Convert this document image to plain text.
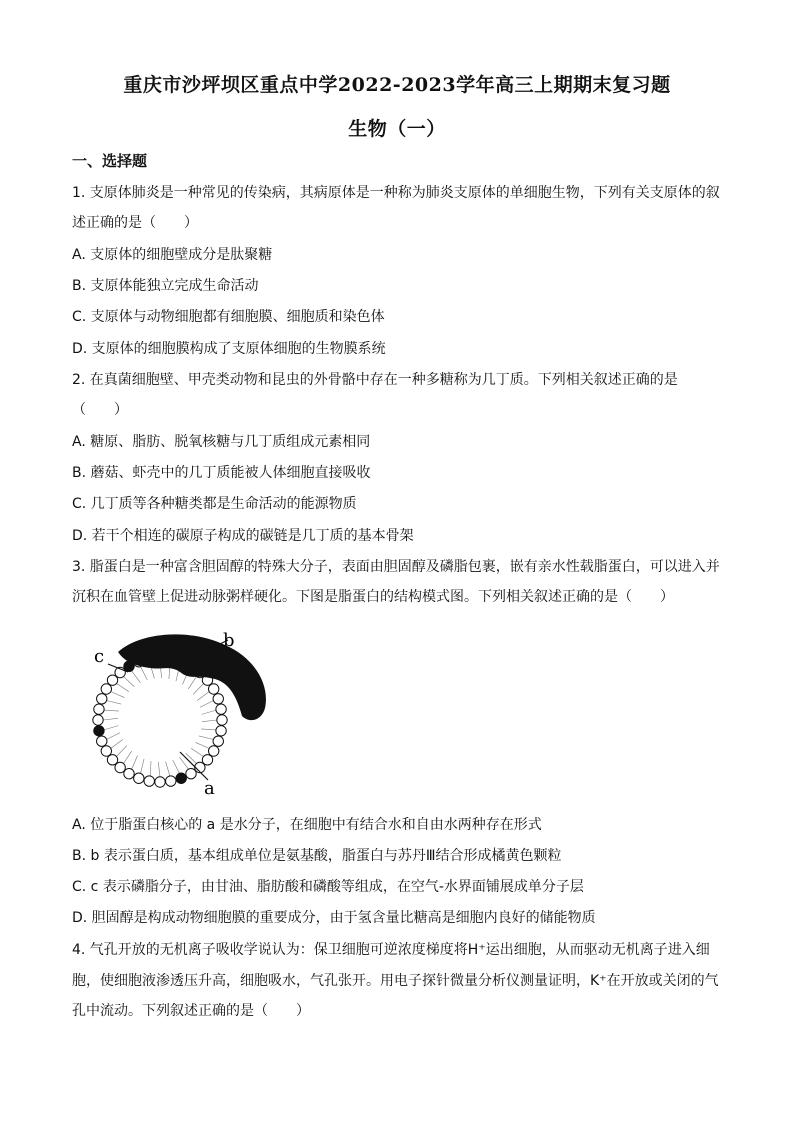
重庆市沙坪坝区重点中学2022-2023学年高三上期期末复习题
生物（一）
一、选择题
1. 支原体肺炎是一种常见的传染病，其病原体是一种称为肺炎支原体的单细胞生物，下列有关支原体的叙
述正确的是（　　）
A. 支原体的细胞壁成分是肽聚糖
B. 支原体能独立完成生命活动
C. 支原体与动物细胞都有细胞膜、细胞质和染色体
D. 支原体的细胞膜构成了支原体细胞的生物膜系统
2. 在真菌细胞壁、甲壳类动物和昆虫的外骨骼中存在一种多糖称为几丁质。下列相关叙述正确的是
（　　）
A. 糖原、脂肪、脱氧核糖与几丁质组成元素相同
B. 蘑菇、虾壳中的几丁质能被人体细胞直接吸收
C. 几丁质等各种糖类都是生命活动的能源物质
D. 若干个相连的碳原子构成的碳链是几丁质的基本骨架
3. 脂蛋白是一种富含胆固醇的特殊大分子，表面由胆固醇及磷脂包裹，嵌有亲水性载脂蛋白，可以进入并
沉积在血管壁上促进动脉粥样硬化。下图是脂蛋白的结构模式图。下列相关叙述正确的是（　　）
b
c
a
A. 位于脂蛋白核心的 a 是水分子，在细胞中有结合水和自由水两种存在形式
B. b 表示蛋白质，基本组成单位是氨基酸，脂蛋白与苏丹Ⅲ结合形成橘黄色颗粒
C. c 表示磷脂分子，由甘油、脂肪酸和磷酸等组成，在空气-水界面铺展成单分子层
D. 胆固醇是构成动物细胞膜的重要成分，由于氢含量比糖高是细胞内良好的储能物质
4. 气孔开放的无机离子吸收学说认为：保卫细胞可逆浓度梯度将H⁺运出细胞，从而驱动无机离子进入细
胞，使细胞液渗透压升高，细胞吸水，气孔张开。用电子探针微量分析仪测量证明，K⁺在开放或关闭的气
孔中流动。下列叙述正确的是（　　）
